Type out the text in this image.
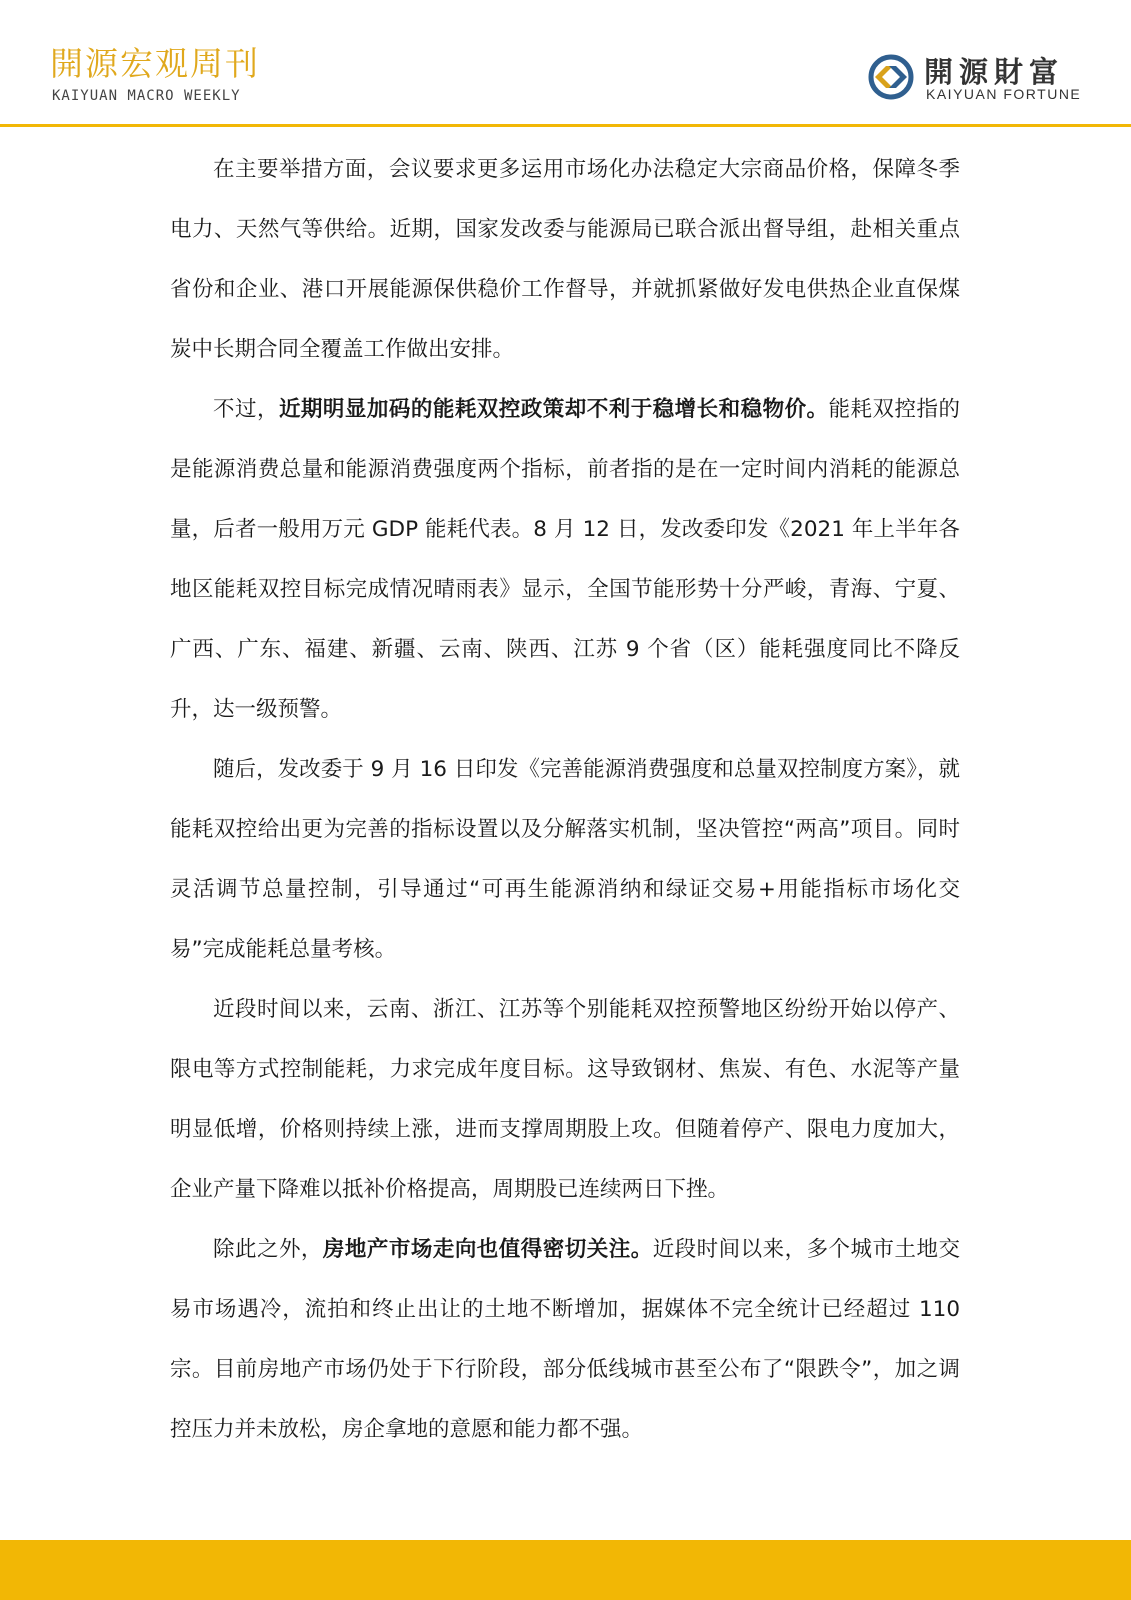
開源宏观周刊
KAIYUAN MACRO WEEKLY
開源財富
KAIYUAN FORTUNE

在主要举措方面，会议要求更多运用市场化办法稳定大宗商品价格，保障冬季电力、天然气等供给。近期，国家发改委与能源局已联合派出督导组，赴相关重点省份和企业、港口开展能源保供稳价工作督导，并就抓紧做好发电供热企业直保煤炭中长期合同全覆盖工作做出安排。

不过，近期明显加码的能耗双控政策却不利于稳增长和稳物价。能耗双控指的是能源消费总量和能源消费强度两个指标，前者指的是在一定时间内消耗的能源总量，后者一般用万元 GDP 能耗代表。8 月 12 日，发改委印发《2021 年上半年各地区能耗双控目标完成情况晴雨表》显示，全国节能形势十分严峻，青海、宁夏、广西、广东、福建、新疆、云南、陕西、江苏 9 个省（区）能耗强度同比不降反升，达一级预警。

随后，发改委于 9 月 16 日印发《完善能源消费强度和总量双控制度方案》，就能耗双控给出更为完善的指标设置以及分解落实机制，坚决管控“两高”项目。同时灵活调节总量控制，引导通过“可再生能源消纳和绿证交易+用能指标市场化交易”完成能耗总量考核。

近段时间以来，云南、浙江、江苏等个别能耗双控预警地区纷纷开始以停产、限电等方式控制能耗，力求完成年度目标。这导致钢材、焦炭、有色、水泥等产量明显低增，价格则持续上涨，进而支撑周期股上攻。但随着停产、限电力度加大，企业产量下降难以抵补价格提高，周期股已连续两日下挫。

除此之外，房地产市场走向也值得密切关注。近段时间以来，多个城市土地交易市场遇冷，流拍和终止出让的土地不断增加，据媒体不完全统计已经超过 110 宗。目前房地产市场仍处于下行阶段，部分低线城市甚至公布了“限跌令”，加之调控压力并未放松，房企拿地的意愿和能力都不强。
